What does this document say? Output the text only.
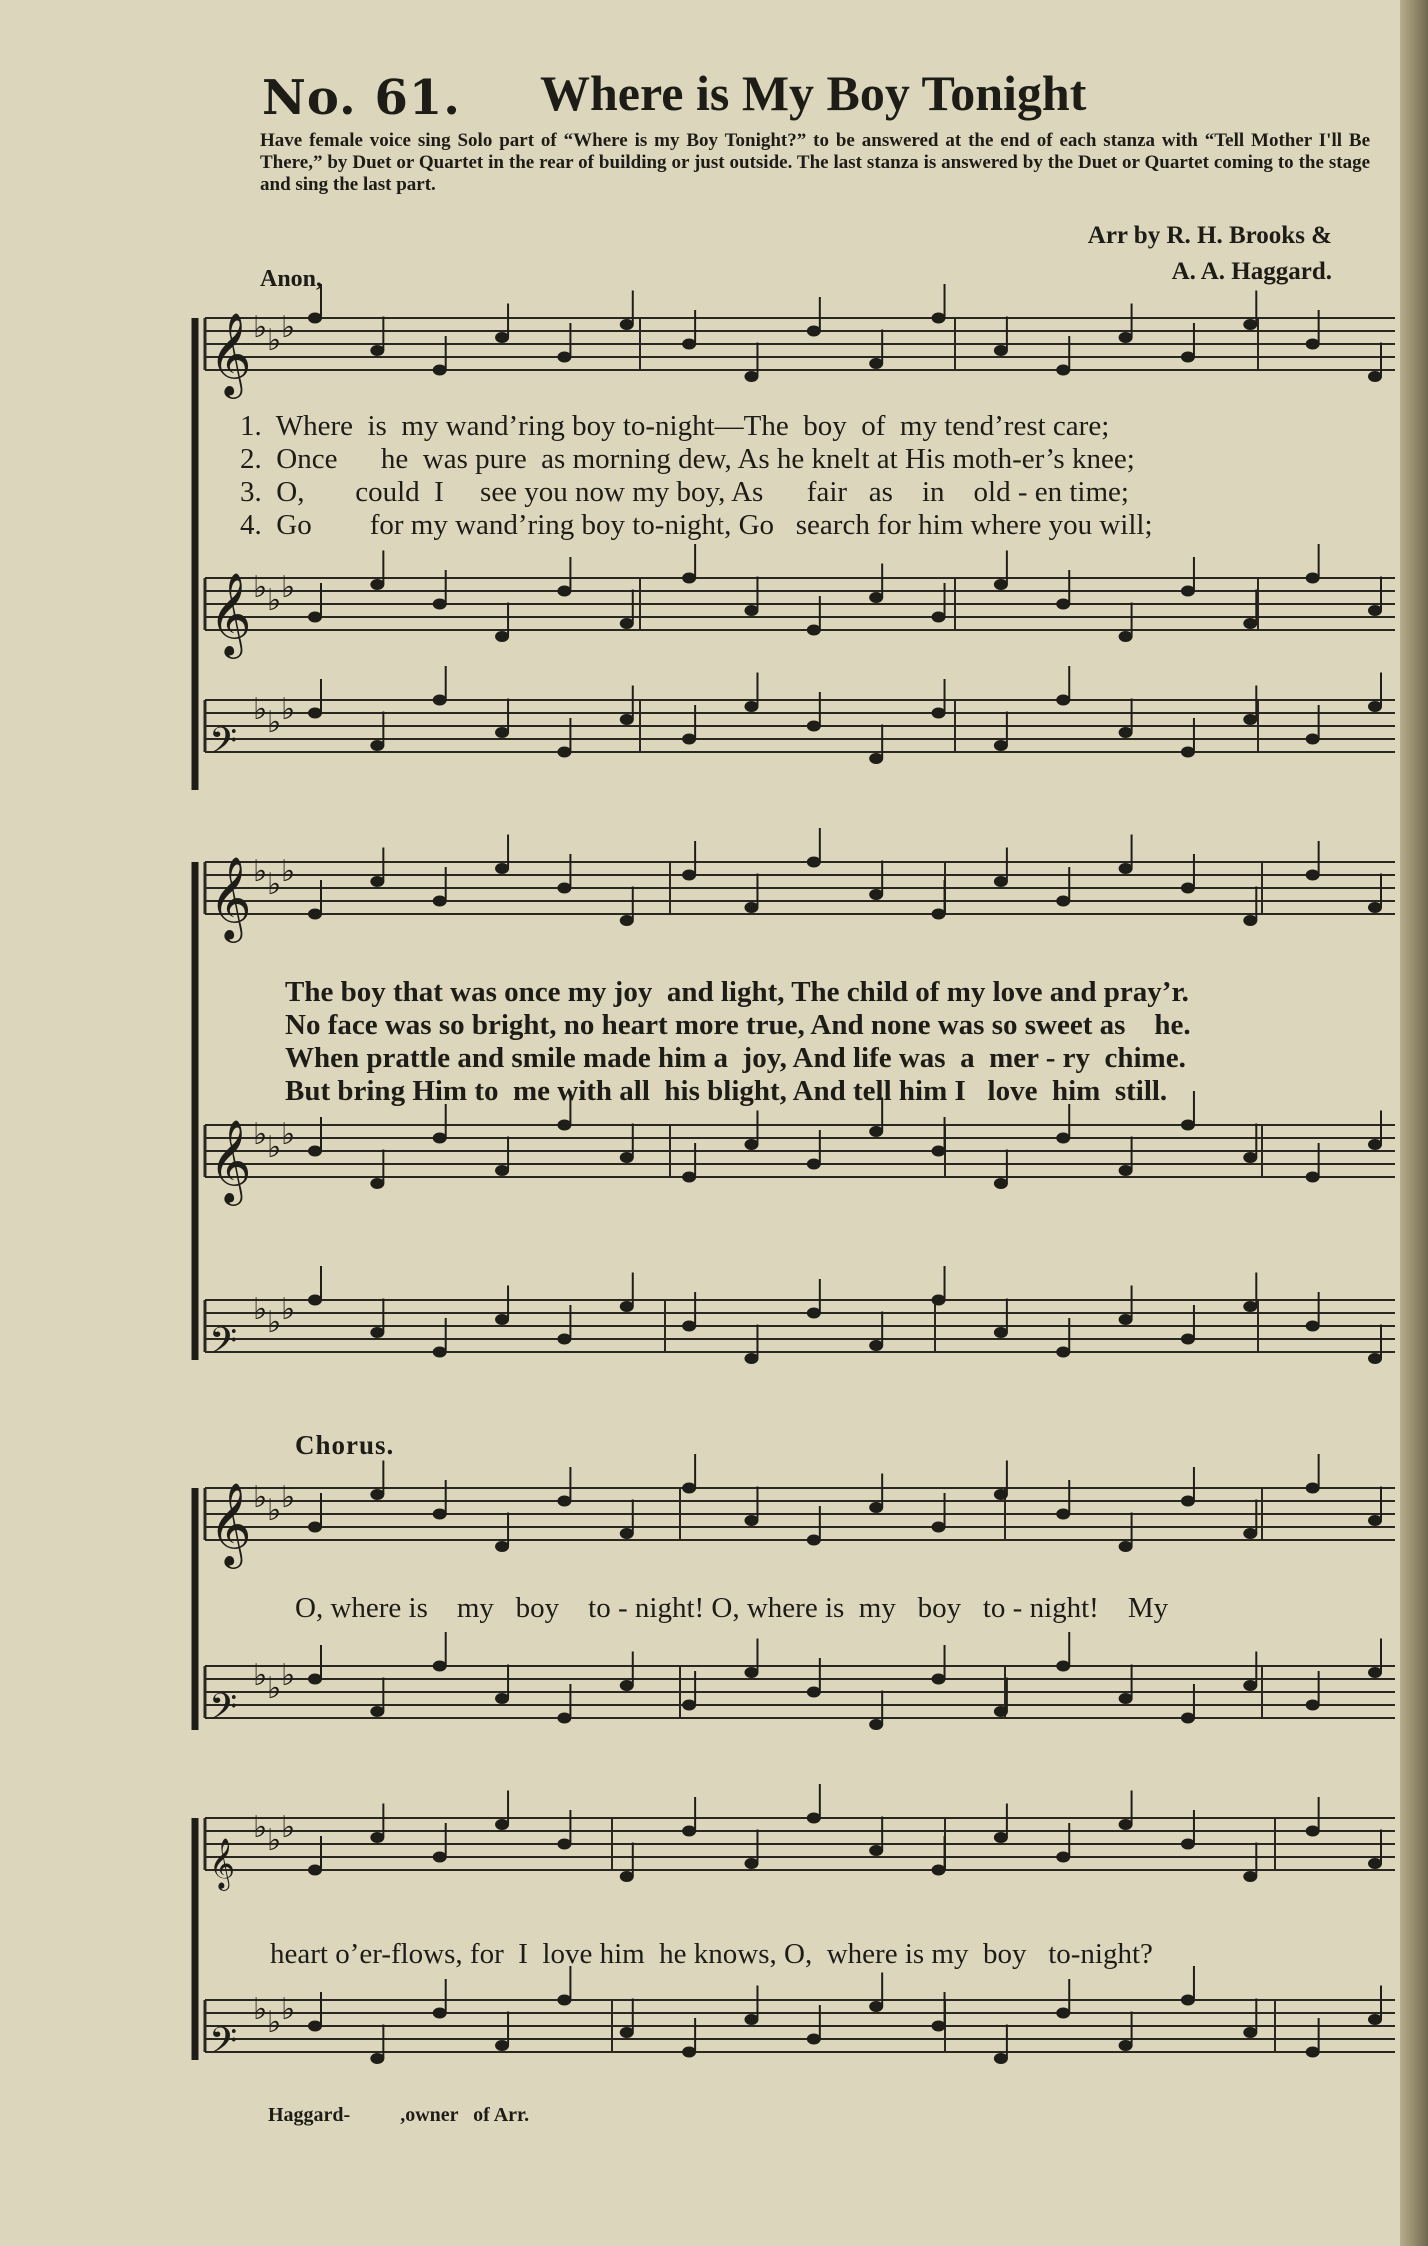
No. 61. Where is My Boy Tonight
Have female voice sing Solo part of “Where is my Boy Tonight?” to be answered at the end of each stanza with “Tell Mother I'll Be There,” by Duet or Quartet in the rear of building or just outside. The last stanza is answered by the Duet or Quartet coming to the stage and sing the last part.
Arr by R. H. Brooks &
A. A. Haggard.
Anon,
𝄞 ♭ ♭ ♭
𝄞 ♭ ♭ ♭
𝄢
♭ ♭ ♭
𝄞 ♭ ♭ ♭
𝄞 ♭ ♭ ♭
𝄢
♭ ♭ ♭
𝄞 ♭ ♭ ♭
𝄢
♭ ♭ ♭
𝄞
♭ ♭ ♭
𝄢
♭ ♭ ♭
1.  Where  is  my wand’ring boy to-night—The  boy  of  my tend’rest care;
2.  Once      he  was pure  as morning dew, As he knelt at His moth-er’s knee;
3.  O,       could  I     see you now my boy, As      fair   as    in    old - en time;
4.  Go        for my wand’ring boy to-night, Go   search for him where you will;
The boy that was once my joy  and light, The child of my love and pray’r.
No face was so bright, no heart more true, And none was so sweet as    he.
When prattle and smile made him a  joy, And life was  a  mer - ry  chime.
But bring Him to  me with all  his blight, And tell him I   love  him  still.
Chorus.
O, where is    my   boy    to - night! O, where is  my   boy   to - night!    My
heart o’er-flows, for  I  love him  he knows, O,  where is my  boy   to-night?
Haggard-          ,owner   of Arr.
